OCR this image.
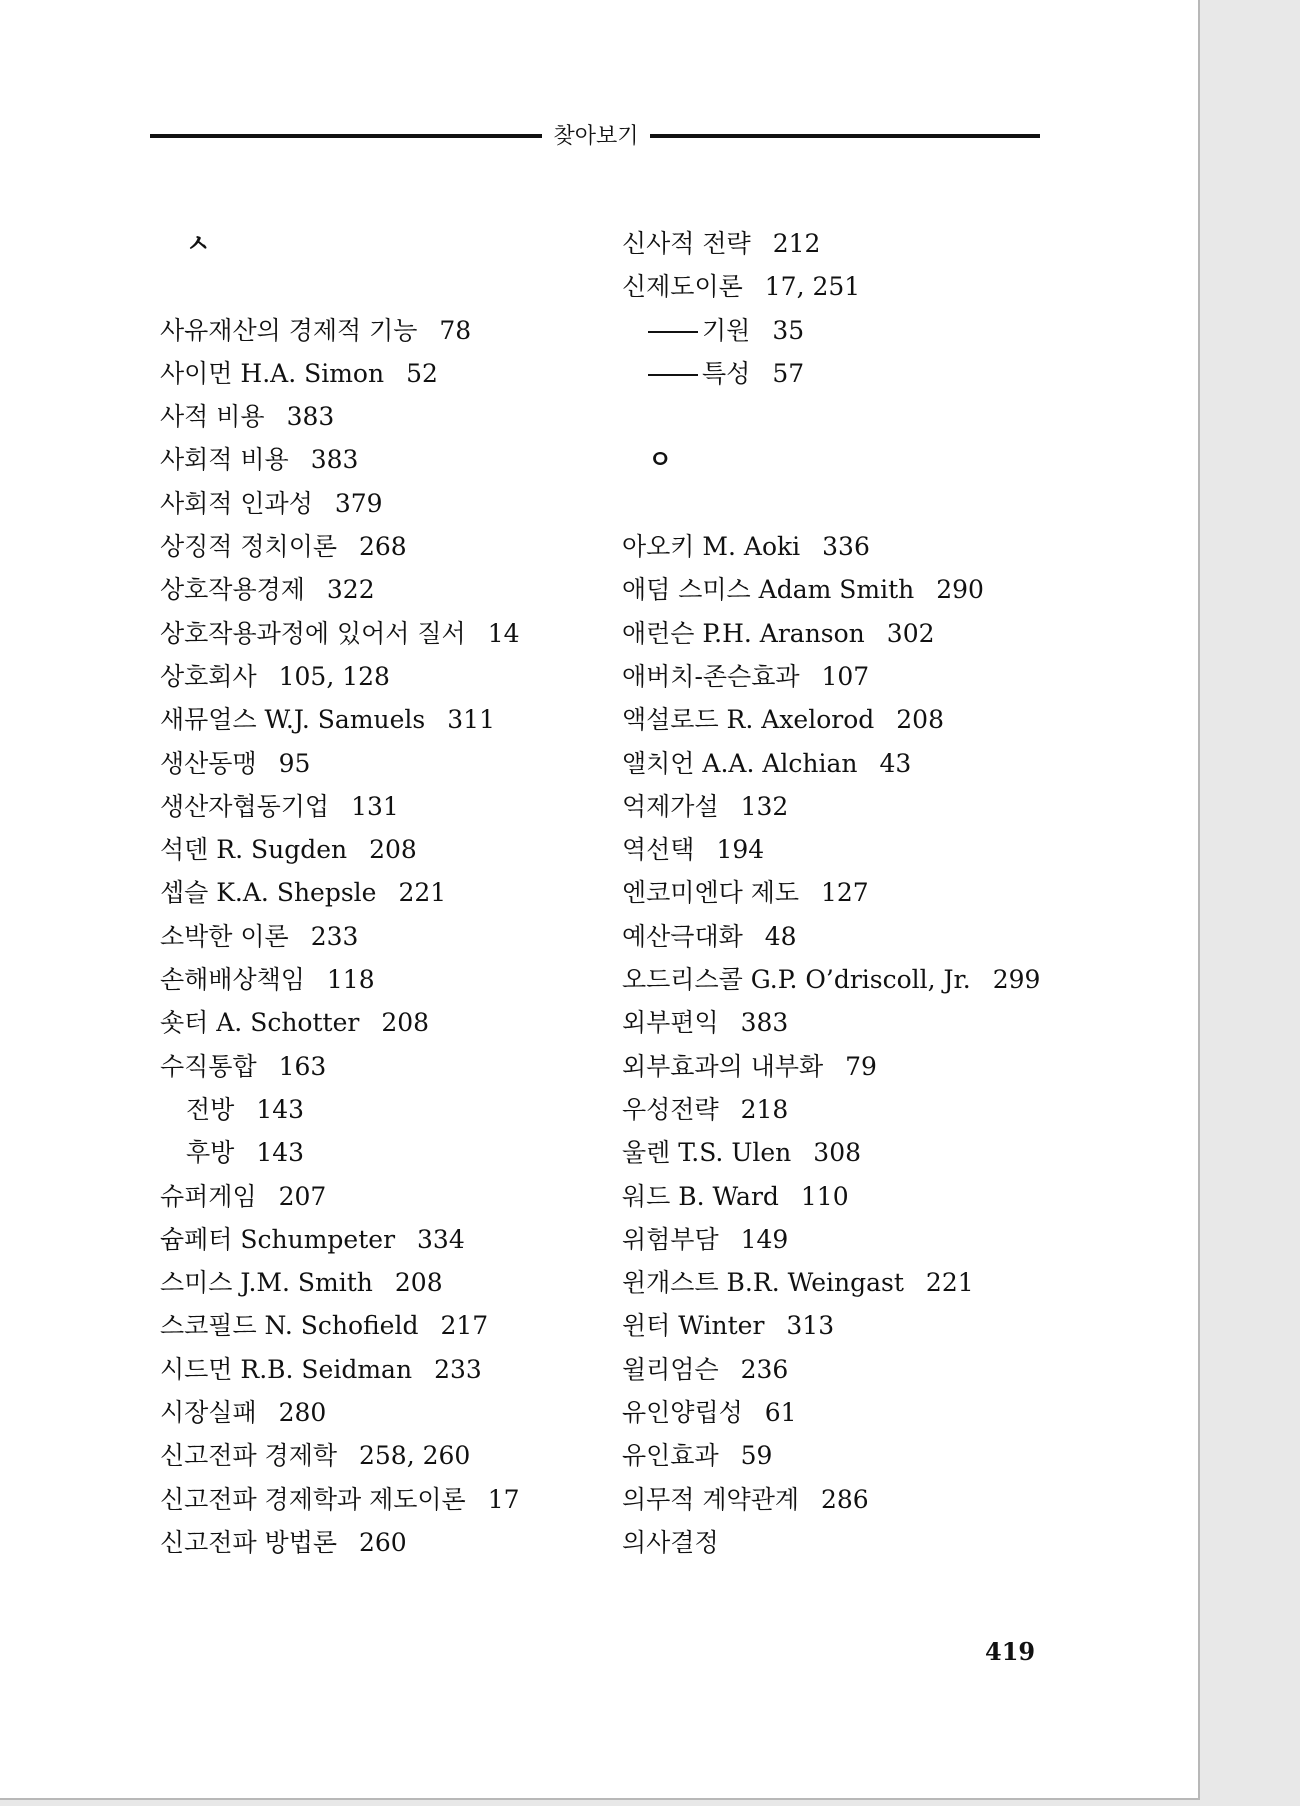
찾아보기
ㅅ
사유재산의 경제적 기능 78
사이먼 H.A. Simon 52
사적 비용 383
사회적 비용 383
사회적 인과성 379
상징적 정치이론 268
상호작용경제 322
상호작용과정에 있어서 질서 14
상호회사 105, 128
새뮤얼스 W.J. Samuels 311
생산동맹 95
생산자협동기업 131
석덴 R. Sugden 208
셉슬 K.A. Shepsle 221
소박한 이론 233
손해배상책임 118
숏터 A. Schotter 208
수직통합 163
전방 143
후방 143
슈퍼게임 207
슘페터 Schumpeter 334
스미스 J.M. Smith 208
스코필드 N. Schofield 217
시드먼 R.B. Seidman 233
시장실패 280
신고전파 경제학 258, 260
신고전파 경제학과 제도이론 17
신고전파 방법론 260
신사적 전략 212
신제도이론 17, 251
기원 35
특성 57
ㅇ
아오키 M. Aoki 336
애덤 스미스 Adam Smith 290
애런슨 P.H. Aranson 302
애버치-존슨효과 107
액설로드 R. Axelorod 208
앨치언 A.A. Alchian 43
억제가설 132
역선택 194
엔코미엔다 제도 127
예산극대화 48
오드리스콜 G.P. O’driscoll, Jr. 299
외부편익 383
외부효과의 내부화 79
우성전략 218
울렌 T.S. Ulen 308
워드 B. Ward 110
위험부담 149
윈개스트 B.R. Weingast 221
윈터 Winter 313
윌리엄슨 236
유인양립성 61
유인효과 59
의무적 계약관계 286
의사결정
419
